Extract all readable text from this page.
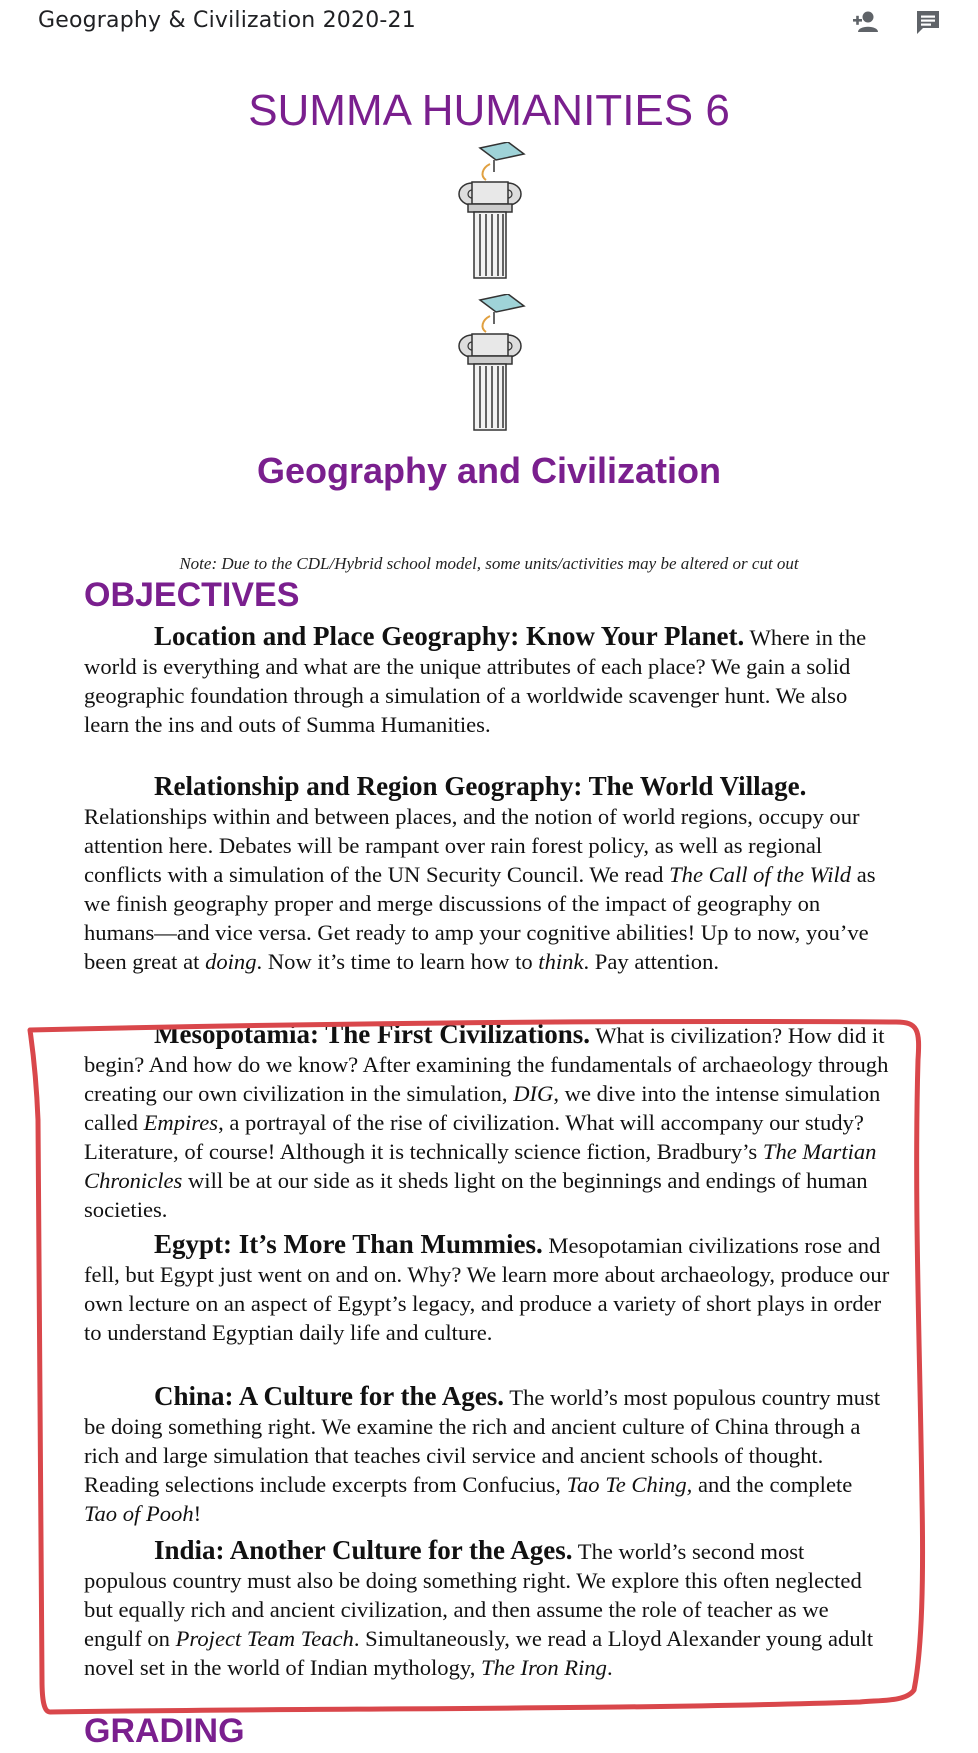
Geography & Civilization 2020-21
SUMMA HUMANITIES 6
Geography and Civilization
Note: Due to the CDL/Hybrid school model, some units/activities may be altered or cut out
OBJECTIVES

Location and Place Geography: Know Your Planet. Where in the world is everything and what are the unique attributes of each place? We gain a solid geographic foundation through a simulation of a worldwide scavenger hunt. We also learn the ins and outs of Summa Humanities.

Relationship and Region Geography: The World Village. Relationships within and between places, and the notion of world regions, occupy our attention here. Debates will be rampant over rain forest policy, as well as regional conflicts with a simulation of the UN Security Council. We read The Call of the Wild as we finish geography proper and merge discussions of the impact of geography on humans—and vice versa. Get ready to amp your cognitive abilities! Up to now, you’ve been great at doing. Now it’s time to learn how to think. Pay attention.

Mesopotamia: The First Civilizations. What is civilization? How did it begin? And how do we know? After examining the fundamentals of archaeology through creating our own civilization in the simulation, DIG, we dive into the intense simulation called Empires, a portrayal of the rise of civilization. What will accompany our study? Literature, of course! Although it is technically science fiction, Bradbury’s The Martian Chronicles will be at our side as it sheds light on the beginnings and endings of human societies.

Egypt: It’s More Than Mummies. Mesopotamian civilizations rose and fell, but Egypt just went on and on. Why? We learn more about archaeology, produce our own lecture on an aspect of Egypt’s legacy, and produce a variety of short plays in order to understand Egyptian daily life and culture.

China: A Culture for the Ages. The world’s most populous country must be doing something right. We examine the rich and ancient culture of China through a rich and large simulation that teaches civil service and ancient schools of thought. Reading selections include excerpts from Confucius, Tao Te Ching, and the complete Tao of Pooh!

India: Another Culture for the Ages. The world’s second most populous country must also be doing something right. We explore this often neglected but equally rich and ancient civilization, and then assume the role of teacher as we engulf on Project Team Teach. Simultaneously, we read a Lloyd Alexander young adult novel set in the world of Indian mythology, The Iron Ring.

GRADING
